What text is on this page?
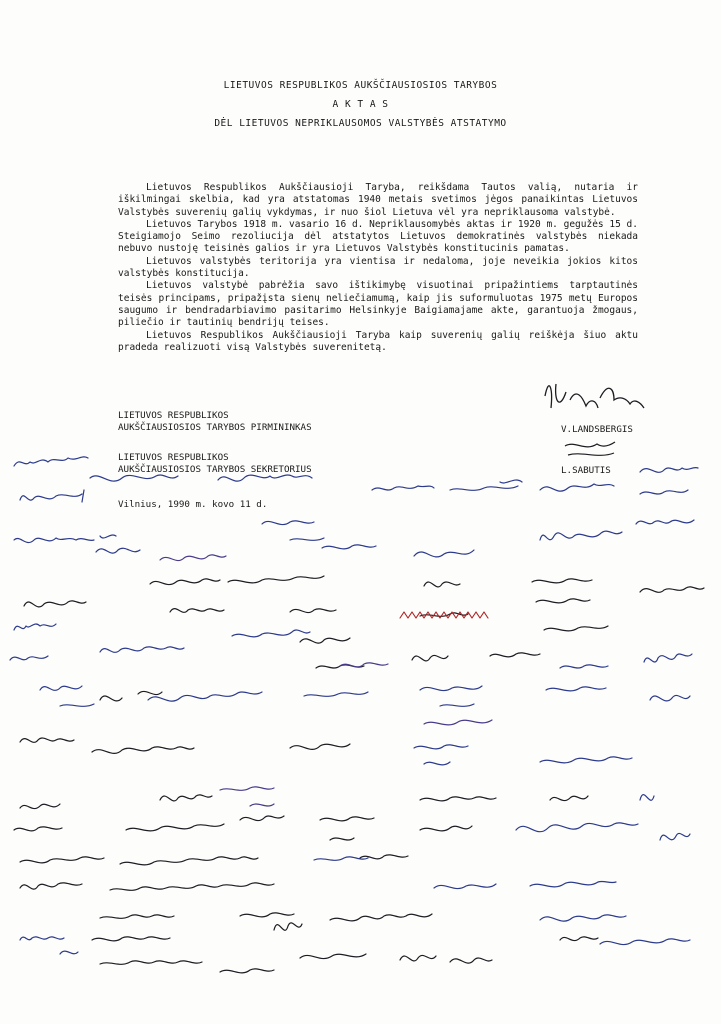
LIETUVOS RESPUBLIKOS AUKŠČIAUSIOSIOS TARYBOS
A K T A S
DĖL LIETUVOS NEPRIKLAUSOMOS VALSTYBĖS ATSTATYMO

Lietuvos Respublikos Aukščiausioji Taryba, reikšdama Tautos valią, nutaria ir iškilmingai skelbia, kad yra atstatomas 1940 metais svetimos jėgos panaikintas Lietuvos Valstybės suverenių galių vykdymas, ir nuo šiol Lietuva vėl yra nepriklausoma valstybė.

Lietuvos Tarybos 1918 m. vasario 16 d. Nepriklausomybės aktas ir 1920 m. gegužės 15 d. Steigiamojo Seimo rezoliucija dėl atstatytos Lietuvos demokratinės valstybės niekada nebuvo nustoję teisinės galios ir yra Lietuvos Valstybės konstitucinis pamatas.

Lietuvos valstybės teritorija yra vientisa ir nedaloma, joje neveikia jokios kitos valstybės konstitucija.

Lietuvos valstybė pabrėžia savo ištikimybę visuotinai pripažintiems tarptautinės teisės principams, pripažįsta sienų neliečiamumą, kaip jis suformuluotas 1975 metų Europos saugumo ir bendradarbiavimo pasitarimo Helsinkyje Baigiamajame akte, garantuoja žmogaus, piliečio ir tautinių bendrijų teises.

Lietuvos Respublikos Aukščiausioji Taryba kaip suverenių galių reiškėja šiuo aktu pradeda realizuoti visą Valstybės suverenitetą.

LIETUVOS RESPUBLIKOS
AUKŠČIAUSIOSIOS TARYBOS PIRMININKAS	V.LANDSBERGIS
LIETUVOS RESPUBLIKOS
AUKŠČIAUSIOSIOS TARYBOS SEKRETORIUS	L.SABUTIS
Vilnius, 1990 m. kovo 11 d.
